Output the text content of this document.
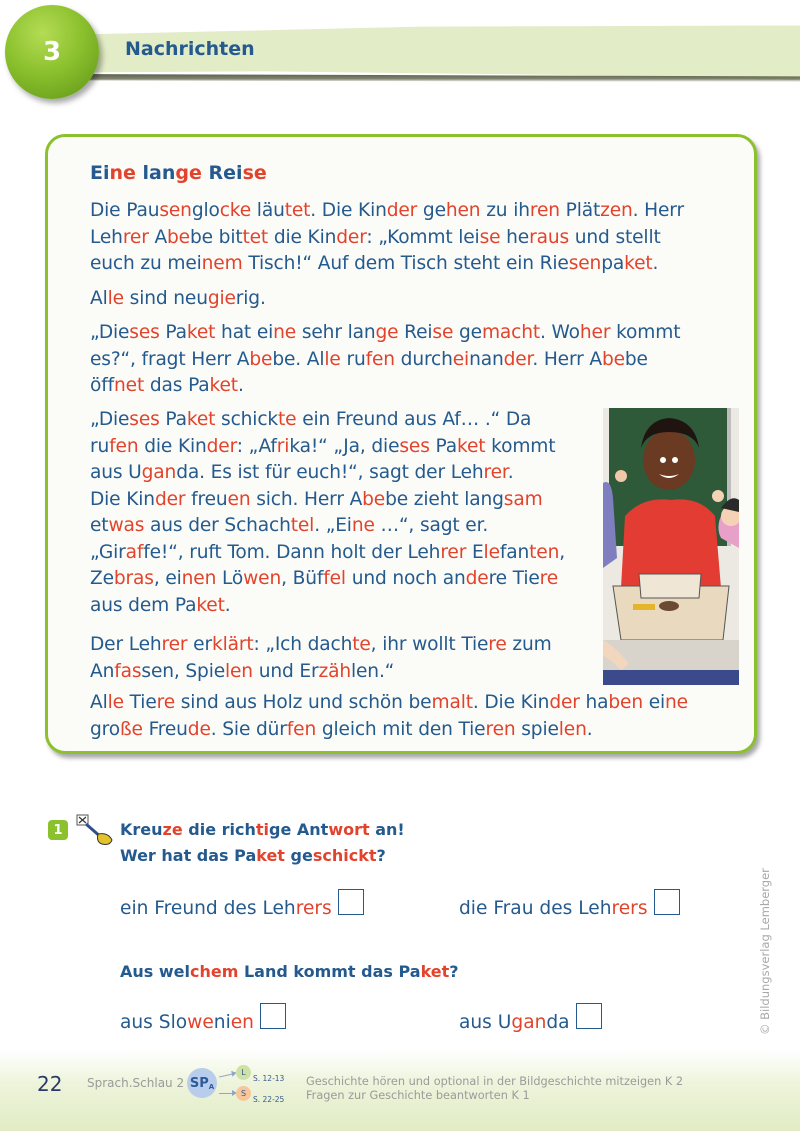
3	Nachrichten
Eine lange Reise
Die Pausenglocke läutet. Die Kinder gehen zu ihren Plätzen. Herr
Lehrer Abebe bittet die Kinder: „Kommt leise heraus und stellt
euch zu meinem Tisch!“ Auf dem Tisch steht ein Riesenpaket.
Alle sind neugierig.
„Dieses Paket hat eine sehr lange Reise gemacht. Woher kommt
es?“, fragt Herr Abebe. Alle rufen durcheinander. Herr Abebe
öffnet das Paket.
„Dieses Paket schickte ein Freund aus Af… .“ Da
rufen die Kinder: „Afrika!“ „Ja, dieses Paket kommt
aus Uganda. Es ist für euch!“, sagt der Lehrer.
Die Kinder freuen sich. Herr Abebe zieht langsam
etwas aus der Schachtel. „Eine …“, sagt er.
„Giraffe!“, ruft Tom. Dann holt der Lehrer Elefanten,
Zebras, einen Löwen, Büffel und noch andere Tiere
aus dem Paket.
Der Lehrer erklärt: „Ich dachte, ihr wollt Tiere zum
Anfassen, Spielen und Erzählen.“
Alle Tiere sind aus Holz und schön bemalt. Die Kinder haben eine
große Freude. Sie dürfen gleich mit den Tieren spielen.
1	Kreuze die richtige Antwort an!
Wer hat das Paket geschickt?
ein Freund des Lehrers	die Frau des Lehrers
Aus welchem Land kommt das Paket?
aus Slowenien	aus Uganda	© Bildungsverlag Lemberger
22 Sprach.Schlau 2 SP A
L
S. 12-13
S
S. 22-25
Geschichte hören und optional in der Bildgeschichte mitzeigen K 2
Fragen zur Geschichte beantworten K 1
